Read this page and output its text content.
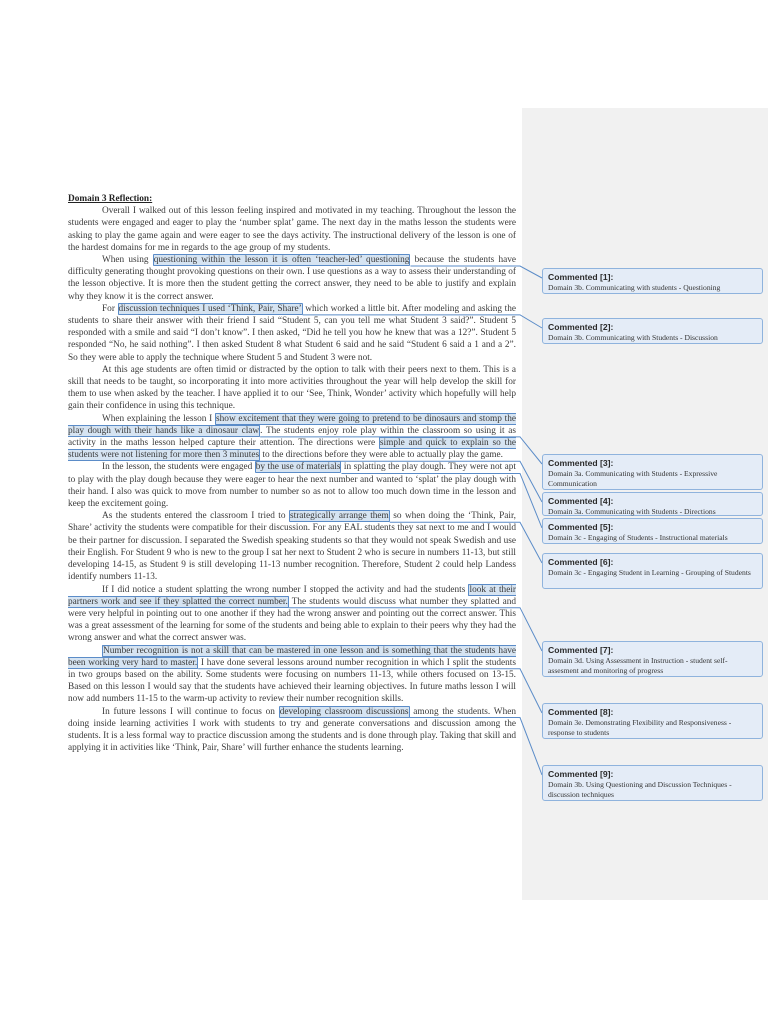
Domain 3 Reflection:

Overall I walked out of this lesson feeling inspired and motivated in my teaching. Throughout the lesson the students were engaged and eager to play the ‘number splat’ game. The next day in the maths lesson the students were asking to play the game again and were eager to see the days activity. The instructional delivery of the lesson is one of the hardest domains for me in regards to the age group of my students.

When using questioning within the lesson it is often ‘teacher-led’ questioning because the students have difficulty generating thought provoking questions on their own. I use questions as a way to assess their understanding of the lesson objective. It is more then the student getting the correct answer, they need to be able to justify and explain why they know it is the correct answer.

For discussion techniques I used ‘Think, Pair, Share’ which worked a little bit. After modeling and asking the students to share their answer with their friend I said “Student 5, can you tell me what Student 3 said?”. Student 5 responded with a smile and said “I don’t know”. I then asked, “Did he tell you how he knew that was a 12?”. Student 5 responded “No, he said nothing”. I then asked Student 8 what Student 6 said and he said “Student 6 said a 1 and a 2”. So they were able to apply the technique where Student 5 and Student 3 were not.

At this age students are often timid or distracted by the option to talk with their peers next to them. This is a skill that needs to be taught, so incorporating it into more activities throughout the year will help develop the skill for them to use when asked by the teacher. I have applied it to our ‘See, Think, Wonder’ activity which hopefully will help gain their confidence in using this technique.

When explaining the lesson I show excitement that they were going to pretend to be dinosaurs and stomp the play dough with their hands like a dinosaur claw. The students enjoy role play within the classroom so using it as activity in the maths lesson helped capture their attention. The directions were simple and quick to explain so the students were not listening for more then 3 minutes to the directions before they were able to actually play the game.

In the lesson, the students were engaged by the use of materials in splatting the play dough. They were not apt to play with the play dough because they were eager to hear the next number and wanted to ‘splat’ the play dough with their hand. I also was quick to move from number to number so as not to allow too much down time in the lesson and keep the excitement going.

As the students entered the classroom I tried to strategically arrange them so when doing the ‘Think, Pair, Share’ activity the students were compatible for their discussion. For any EAL students they sat next to me and I would be their partner for discussion. I separated the Swedish speaking students so that they would not speak Swedish and use their English. For Student 9 who is new to the group I sat her next to Student 2 who is secure in numbers 11-13, but still developing 14-15, as Student 9 is still developing 11-13 number recognition. Therefore, Student 2 could help Landess identify numbers 11-13.

If I did notice a student splatting the wrong number I stopped the activity and had the students look at their partners work and see if they splatted the correct number. The students would discuss what number they splatted and were very helpful in pointing out to one another if they had the wrong answer and pointing out the correct answer. This was a great assessment of the learning for some of the students and being able to explain to their peers why they had the wrong answer and what the correct answer was.

Number recognition is not a skill that can be mastered in one lesson and is something that the students have been working very hard to master. I have done several lessons around number recognition in which I split the students in two groups based on the ability. Some students were focusing on numbers 11-13, while others focused on 13-15. Based on this lesson I would say that the students have achieved their learning objectives. In future maths lesson I will now add numbers 11-15 to the warm-up activity to review their number recognition skills.

In future lessons I will continue to focus on developing classroom discussions among the students. When doing inside learning activities I work with students to try and generate conversations and discussion among the students. It is a less formal way to practice discussion among the students and is done through play. Taking that skill and applying it in activities like ‘Think, Pair, Share’ will further enhance the students learning.

Commented [1]:
Domain 3b. Communicating with students - Questioning
Commented [2]:
Domain 3b. Communicating with Students - Discussion
Commented [3]:
Domain 3a. Communicating with Students - Expressive Communication
Commented [4]:
Domain 3a. Communicating with Students - Directions
Commented [5]:
Domain 3c - Engaging of Students - Instructional materials
Commented [6]:
Domain 3c - Engaging Student in Learning - Grouping of Students
Commented [7]:
Domain 3d. Using Assessment in Instruction - student self-assesment and monitoring of progress
Commented [8]:
Domain 3e. Demonstrating Flexibility and Responsiveness - response to students
Commented [9]:
Domain 3b. Using Questioning and Discussion Techniques - discussion techniques
